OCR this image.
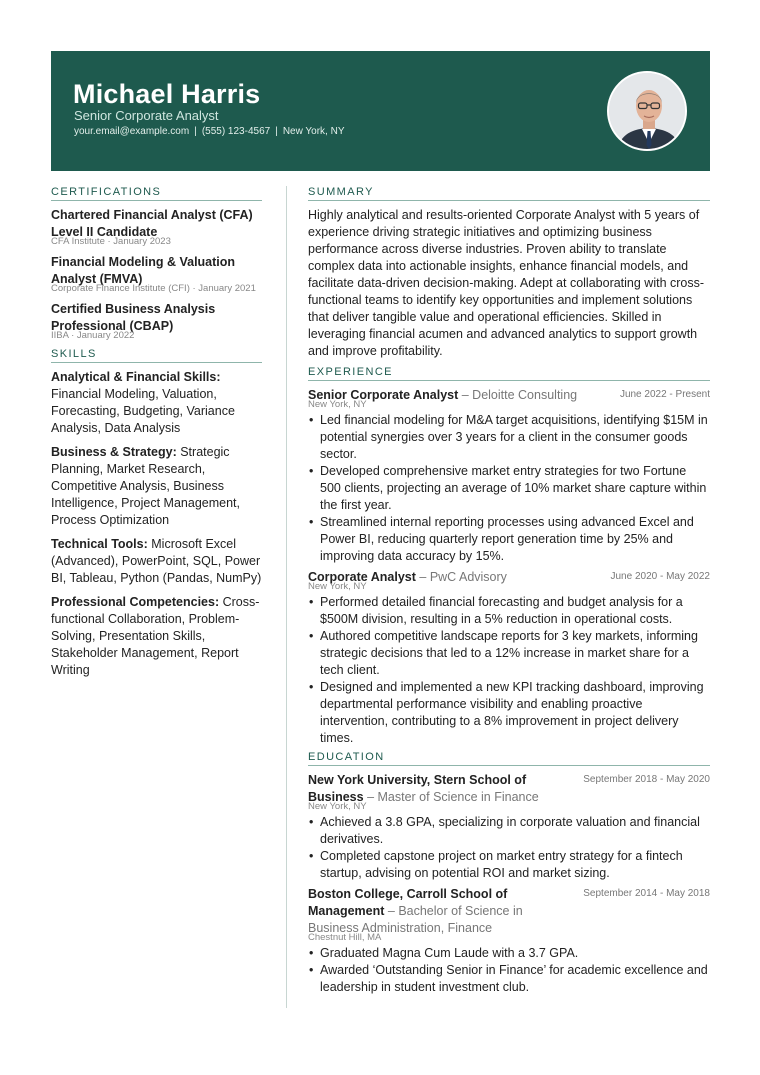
Michael Harris
Senior Corporate Analyst
your.email@example.com | (555) 123-4567 | New York, NY
CERTIFICATIONS
Chartered Financial Analyst (CFA) Level II Candidate
CFA Institute · January 2023
Financial Modeling & Valuation Analyst (FMVA)
Corporate Finance Institute (CFI) · January 2021
Certified Business Analysis Professional (CBAP)
IIBA · January 2022
SKILLS
Analytical & Financial Skills: Financial Modeling, Valuation, Forecasting, Budgeting, Variance Analysis, Data Analysis
Business & Strategy: Strategic Planning, Market Research, Competitive Analysis, Business Intelligence, Project Management, Process Optimization
Technical Tools: Microsoft Excel (Advanced), PowerPoint, SQL, Power BI, Tableau, Python (Pandas, NumPy)
Professional Competencies: Cross-functional Collaboration, Problem-Solving, Presentation Skills, Stakeholder Management, Report Writing
SUMMARY
Highly analytical and results-oriented Corporate Analyst with 5 years of experience driving strategic initiatives and optimizing business performance across diverse industries. Proven ability to translate complex data into actionable insights, enhance financial models, and facilitate data-driven decision-making. Adept at collaborating with cross-functional teams to identify key opportunities and implement solutions that deliver tangible value and operational efficiencies. Skilled in leveraging financial acumen and advanced analytics to support growth and improve profitability.
EXPERIENCE
Senior Corporate Analyst – Deloitte Consulting	June 2022 - Present
New York, NY
• Led financial modeling for M&A target acquisitions, identifying $15M in potential synergies over 3 years for a client in the consumer goods sector.
• Developed comprehensive market entry strategies for two Fortune 500 clients, projecting an average of 10% market share capture within the first year.
• Streamlined internal reporting processes using advanced Excel and Power BI, reducing quarterly report generation time by 25% and improving data accuracy by 15%.
Corporate Analyst – PwC Advisory	June 2020 - May 2022
New York, NY
• Performed detailed financial forecasting and budget analysis for a $500M division, resulting in a 5% reduction in operational costs.
• Authored competitive landscape reports for 3 key markets, informing strategic decisions that led to a 12% increase in market share for a tech client.
• Designed and implemented a new KPI tracking dashboard, improving departmental performance visibility and enabling proactive intervention, contributing to a 8% improvement in project delivery times.
EDUCATION
New York University, Stern School of Business – Master of Science in Finance
September 2018 - May 2020
New York, NY
• Achieved a 3.8 GPA, specializing in corporate valuation and financial derivatives.
• Completed capstone project on market entry strategy for a fintech startup, advising on potential ROI and market sizing.
Boston College, Carroll School of Management – Bachelor of Science in Business Administration, Finance
September 2014 - May 2018
Chestnut Hill, MA
• Graduated Magna Cum Laude with a 3.7 GPA.
• Awarded ‘Outstanding Senior in Finance’ for academic excellence and leadership in student investment club.
